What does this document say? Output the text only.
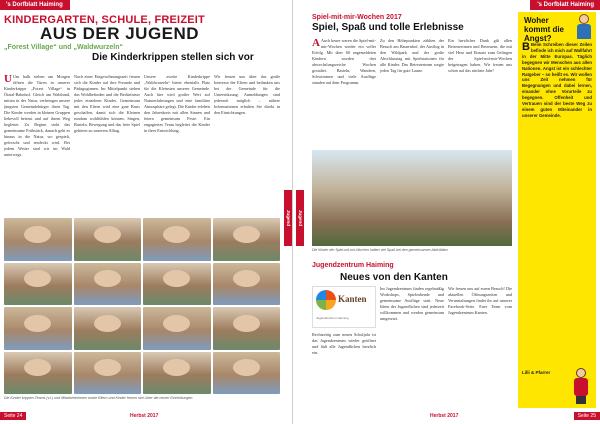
's Dorfblatt Haiming
KINDERGARTEN, SCHULE, FREIZEIT
AUS DER JUGEND
„Forest Village“ und „Waldwurzeln“
Die Kinderkrippen stellen sich vor
U Um halb sieben am Morgen öffnen die Türen in unserer Kinderkrippe „Forest Village“ in Ötztal-Bahnhof. Gleich am Waldrand, mitten in der Natur, verbringen unsere jüngsten Gemeindebürger ihren Tag. Die Kinder werden in kleinen Gruppen liebevoll betreut und auf ihrem Weg begleitet. Zu Beginn steht das gemeinsame Frühstück, danach geht es hinaus in die Natur, wo gespielt, geforscht und entdeckt wird. Bei jedem Wetter sind wir im Wald unterwegs.
Nach einer Eingewöhnungszeit freuen sich die Kinder auf ihre Freunde und Pädagoginnen. Im Mittelpunkt stehen das Wohlbefinden und die Bedürfnisse jedes einzelnen Kindes. Gemeinsam mit den Eltern wird eine gute Basis geschaffen, damit sich die Kleinen rundum wohlfühlen können. Singen, Basteln, Bewegung und das freie Spiel gehören zu unserem Alltag.
Unsere zweite Kinderkrippe „Waldwurzeln“ bietet ebenfalls Platz für die Kleinsten unserer Gemeinde. Auch hier wird großer Wert auf Naturerfahrungen und eine familiäre Atmosphäre gelegt. Die Kinder erleben den Jahreskreis mit allen Sinnen und feiern gemeinsam Feste. Ein engagiertes Team begleitet die Kinder in ihrer Entwicklung.
Wir freuen uns über das große Interesse der Eltern und bedanken uns bei der Gemeinde für die Unterstützung. Anmeldungen sind jederzeit möglich – nähere Informationen erhalten Sie direkt in den Einrichtungen.
Die Kinder krippen-Teams (v.l.) und Mitarbeiterinnen sowie Eltern und Kinder freuen sich über die neuen Einrichtungen.
Jugend
Seite 24	Herbst 2017
's Dorfblatt Haiming
Spiel-mit-mir-Wochen 2017
Spiel, Spaß und tolle Erlebnisse
A Auch heuer waren die Spiel-mit-mir-Wochen wieder ein voller Erfolg. Mit über 60 angemeldeten Kindern wurden drei abwechslungsreiche Wochen gestaltet. Basteln, Wandern, Schwimmen und viele Ausflüge standen auf dem Programm.
Zu den Höhepunkten zählten der Besuch am Bauernhof, der Ausflug in den Wildpark und der große Abschlusstag mit Spielstationen für alle Kinder. Das Betreuerteam sorgte jeden Tag für gute Laune.
Ein herzlicher Dank gilt allen Betreuerinnen und Betreuern, die mit viel Herz und Einsatz zum Gelingen der Spiel-mit-mir-Wochen beigetragen haben. Wir freuen uns schon auf das nächste Jahr!
Die Kinder der Spiel-mit-mir-Wochen hatten viel Spaß bei den gemeinsamen Aktivitäten.
Jugendzentrum Haiming
Neues von den Kanten
Kanten
Jugendzentrum Haiming
Rechtzeitig zum neuen Schuljahr ist das Jugendzentrum wieder geöffnet und lädt alle Jugendlichen herzlich ein.
Im Jugendzentrum finden regelmäßig Workshops, Spieleabende und gemeinsame Ausflüge statt. Neue Ideen der Jugendlichen sind jederzeit willkommen und werden gemeinsam umgesetzt.
Wir freuen uns auf euren Besuch! Die aktuellen Öffnungszeiten und Veranstaltungen findet ihr auf unserer Facebook-Seite. Euer Team vom Jugendzentrum Kanten.
Woher kommt die Angst?
B Beim Schreiben dieser Zeilen befinde ich mich auf Wallfahrt in der Mitte Europas. Täglich begegnen wir Menschen aus allen Nationen. Angst ist ein schlechter Ratgeber – so heißt es. Wir wollen uns Zeit nehmen für Begegnungen und dabei lernen, einander ohne Vorurteile zu begegnen. Offenheit und Vertrauen sind der beste Weg zu einem guten Miteinander in unserer Gemeinde.
Lilli & Pfarrer
Seite 25
Herbst 2017
Jugend
